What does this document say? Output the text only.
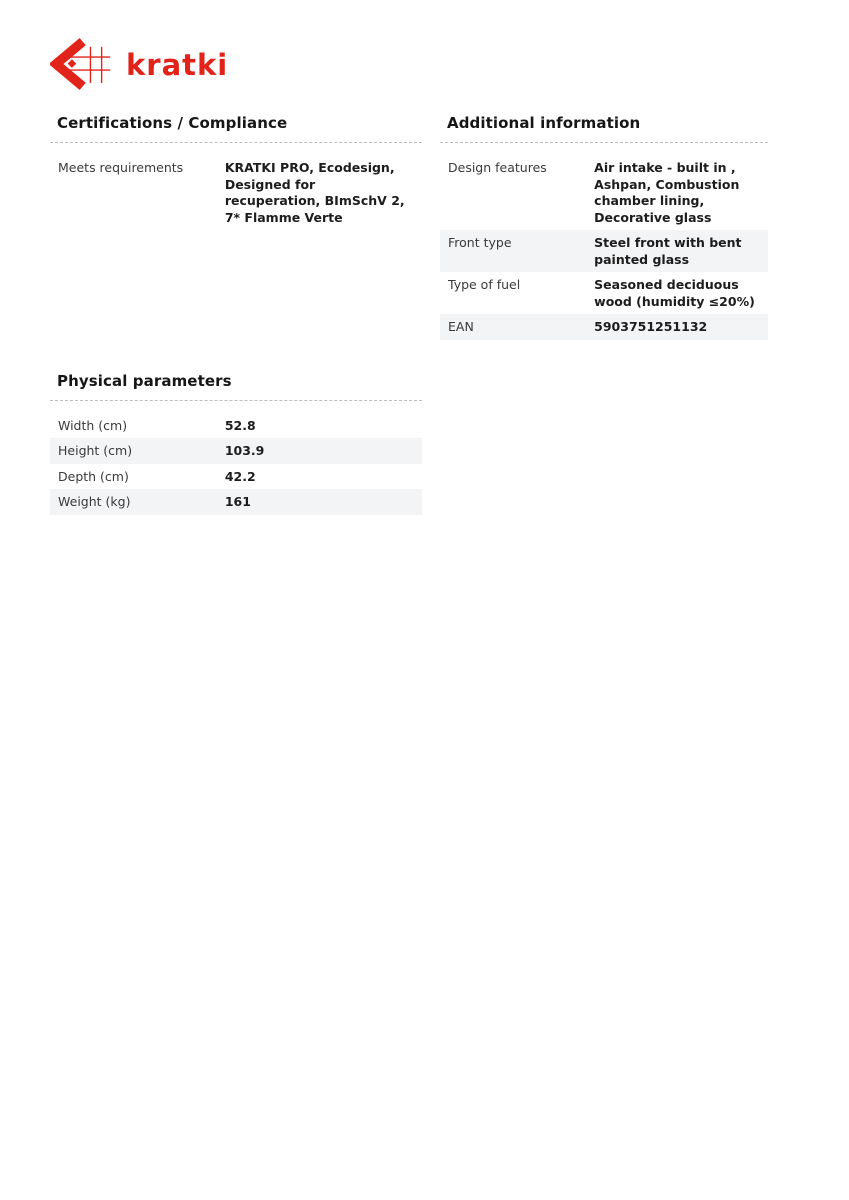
kratki
Certifications / Compliance
Meets requirements	KRATKI PRO, Ecodesign, Designed for recuperation, BImSchV 2, 7* Flamme Verte
Additional information
Design features	Air intake - built in , Ashpan, Combustion chamber lining, Decorative glass
Front type	Steel front with bent painted glass
Type of fuel	Seasoned deciduous wood (humidity ≤20%)
EAN	5903751251132
Physical parameters
Width (cm)	52.8
Height (cm)	103.9
Depth (cm)	42.2
Weight (kg)	161
